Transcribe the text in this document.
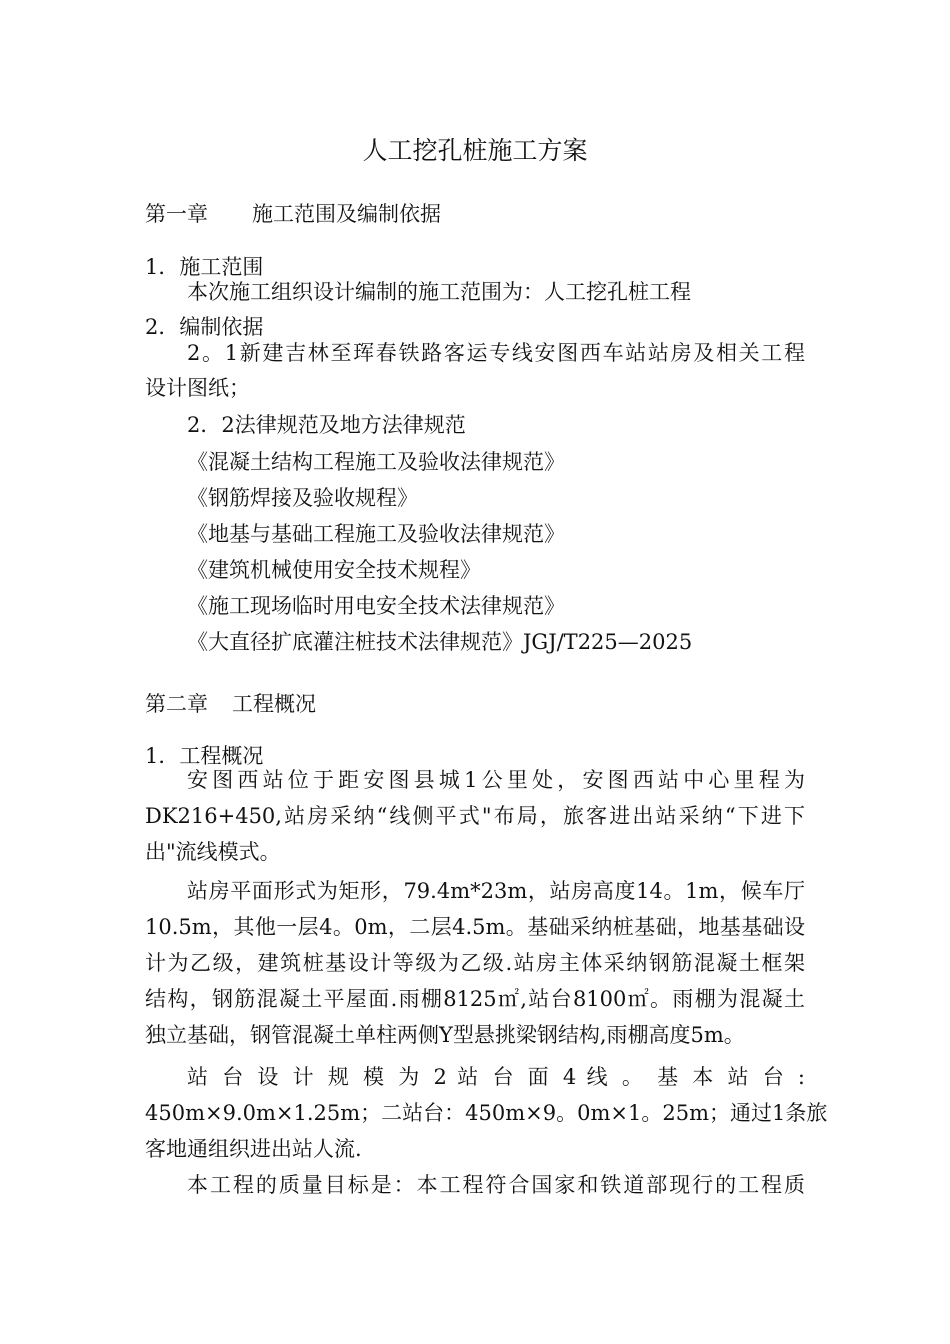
人工挖孔桩施工方案
第一章 施工范围及编制依据
1．施工范围
本次施工组织设计编制的施工范围为：人工挖孔桩工程
2．编制依据
2。1新建吉林至珲春铁路客运专线安图西车站站房及相关工程
设计图纸；
2．2法律规范及地方法律规范
《混凝土结构工程施工及验收法律规范》
《钢筋焊接及验收规程》
《地基与基础工程施工及验收法律规范》
《建筑机械使用安全技术规程》
《施工现场临时用电安全技术法律规范》
《大直径扩底灌注桩技术法律规范》JGJ/T225—2025
第二章 工程概况
1．工程概况
安图西站位于距安图县城1公里处，安图西站中心里程为
DK216+450,站房采纳“线侧平式"布局，旅客进出站采纳“下进下
出"流线模式。
站房平面形式为矩形，79.4m*23m，站房高度14。1m，候车厅
10.5m，其他一层4。0m，二层4.5m。基础采纳桩基础，地基基础设
计为乙级，建筑桩基设计等级为乙级.站房主体采纳钢筋混凝土框架
结构，钢筋混凝土平屋面.雨棚8125㎡,站台8100㎡。雨棚为混凝土
独立基础，钢管混凝土单柱两侧Y型悬挑梁钢结构,雨棚高度5m。
站 台 设 计 规 模 为 2 站 台 面 4 线 。 基 本 站 台 :
450m×9.0m×1.25m；二站台：450m×9。0m×1。25m；通过1条旅
客地通组织进出站人流.
本工程的质量目标是：本工程符合国家和铁道部现行的工程质
